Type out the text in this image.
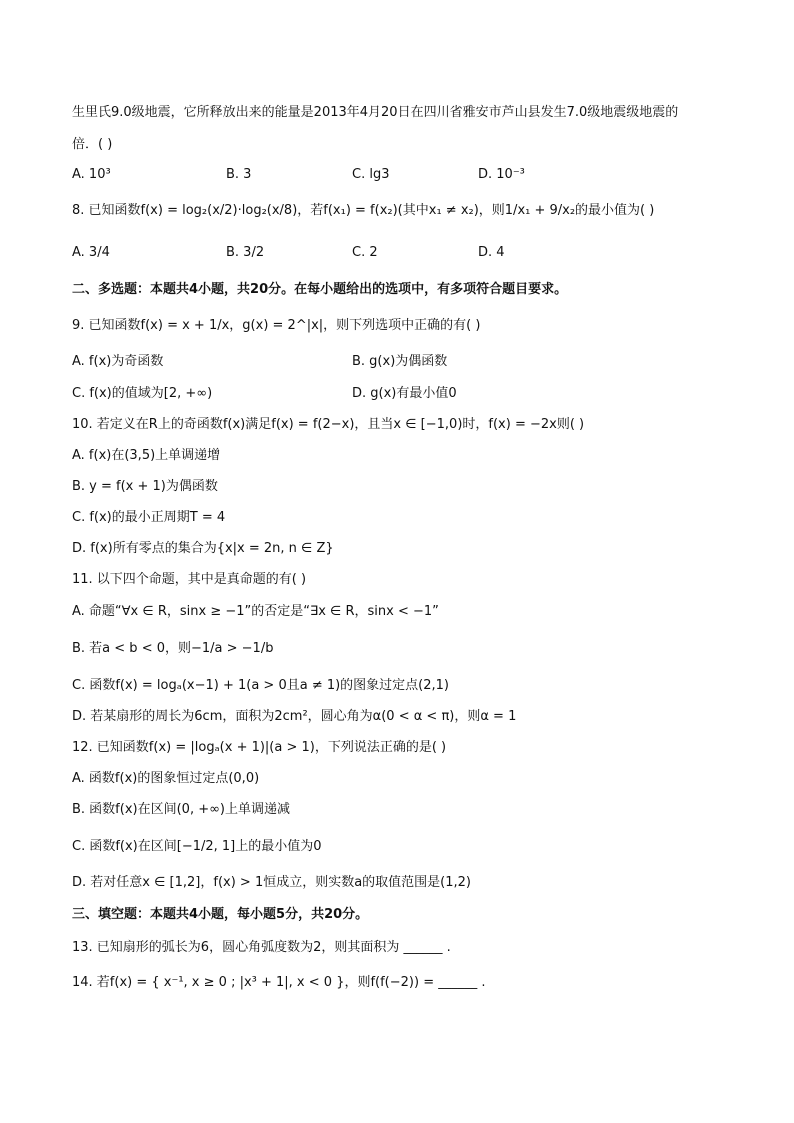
生里氏9.0级地震，它所释放出来的能量是2013年4月20日在四川省雅安市芦山县发生7.0级地震级地震的
倍．( )
A. 10³	B. 3	C. lg3	D. 10⁻³
8. 已知函数f(x) = log₂(x/2)·log₂(x/8)，若f(x₁) = f(x₂)(其中x₁ ≠ x₂)，则1/x₁ + 9/x₂的最小值为( )
A. 3/4	B. 3/2	C. 2	D. 4
二、多选题：本题共4小题，共20分。在每小题给出的选项中，有多项符合题目要求。
9. 已知函数f(x) = x + 1/x，g(x) = 2^|x|，则下列选项中正确的有( )
A. f(x)为奇函数	B. g(x)为偶函数
C. f(x)的值域为[2, +∞)	D. g(x)有最小值0
10. 若定义在R上的奇函数f(x)满足f(x) = f(2−x)，且当x ∈ [−1,0)时，f(x) = −2x则( )
A. f(x)在(3,5)上单调递增
B. y = f(x + 1)为偶函数
C. f(x)的最小正周期T = 4
D. f(x)所有零点的集合为{x|x = 2n, n ∈ Z}
11. 以下四个命题，其中是真命题的有( )
A. 命题“∀x ∈ R，sinx ≥ −1”的否定是“∃x ∈ R，sinx < −1”
B. 若a < b < 0，则−1/a > −1/b
C. 函数f(x) = logₐ(x−1) + 1(a > 0且a ≠ 1)的图象过定点(2,1)
D. 若某扇形的周长为6cm，面积为2cm²，圆心角为α(0 < α < π)，则α = 1
12. 已知函数f(x) = |logₐ(x + 1)|(a > 1)，下列说法正确的是( )
A. 函数f(x)的图象恒过定点(0,0)
B. 函数f(x)在区间(0, +∞)上单调递减
C. 函数f(x)在区间[−1/2, 1]上的最小值为0
D. 若对任意x ∈ [1,2]，f(x) > 1恒成立，则实数a的取值范围是(1,2)
三、填空题：本题共4小题，每小题5分，共20分。
13. 已知扇形的弧长为6，圆心角弧度数为2，则其面积为 ______ .
14. 若f(x) = { x⁻¹, x ≥ 0 ; |x³ + 1|, x < 0 }，则f(f(−2)) = ______ .
